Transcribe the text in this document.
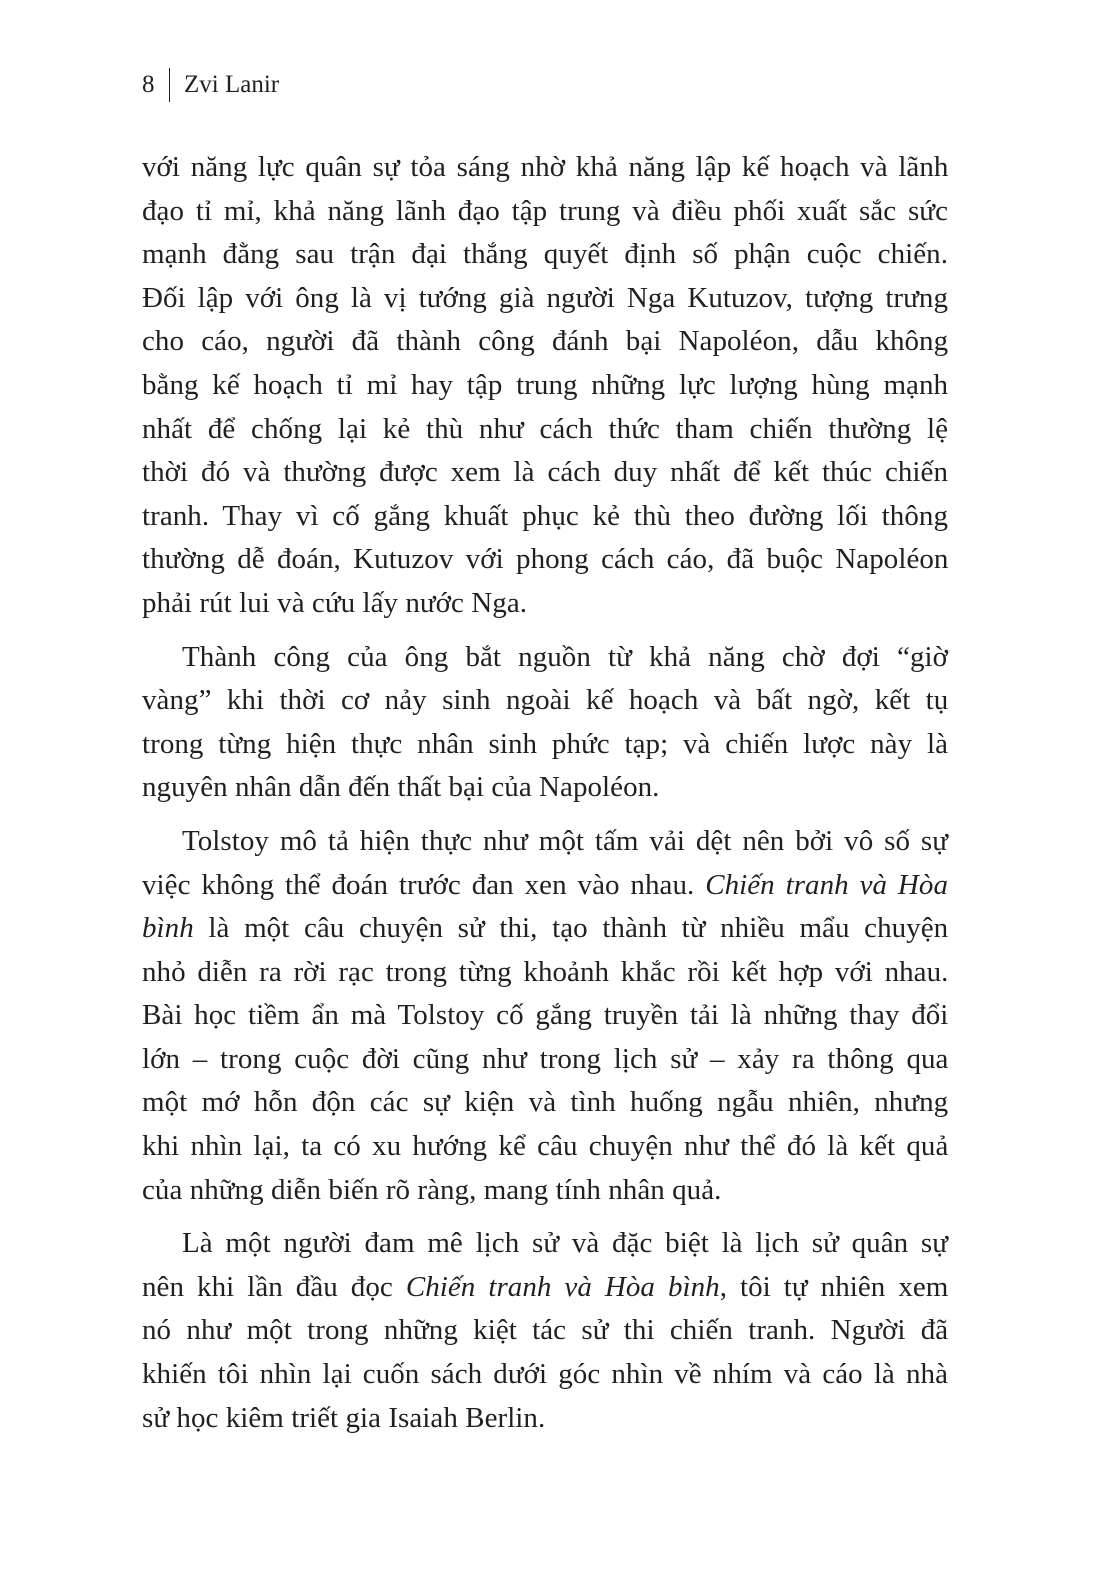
8 Zvi Lanir

với năng lực quân sự tỏa sáng nhờ khả năng lập kế hoạch và lãnh
đạo tỉ mỉ, khả năng lãnh đạo tập trung và điều phối xuất sắc sức
mạnh đằng sau trận đại thắng quyết định số phận cuộc chiến.
Đối lập với ông là vị tướng già người Nga Kutuzov, tượng trưng
cho cáo, người đã thành công đánh bại Napoléon, dẫu không
bằng kế hoạch tỉ mỉ hay tập trung những lực lượng hùng mạnh
nhất để chống lại kẻ thù như cách thức tham chiến thường lệ
thời đó và thường được xem là cách duy nhất để kết thúc chiến
tranh. Thay vì cố gắng khuất phục kẻ thù theo đường lối thông
thường dễ đoán, Kutuzov với phong cách cáo, đã buộc Napoléon
phải rút lui và cứu lấy nước Nga.

Thành công của ông bắt nguồn từ khả năng chờ đợi “giờ
vàng” khi thời cơ nảy sinh ngoài kế hoạch và bất ngờ, kết tụ
trong từng hiện thực nhân sinh phức tạp; và chiến lược này là
nguyên nhân dẫn đến thất bại của Napoléon.

Tolstoy mô tả hiện thực như một tấm vải dệt nên bởi vô số sự
việc không thể đoán trước đan xen vào nhau. Chiến tranh và Hòa
bình là một câu chuyện sử thi, tạo thành từ nhiều mẩu chuyện
nhỏ diễn ra rời rạc trong từng khoảnh khắc rồi kết hợp với nhau.
Bài học tiềm ẩn mà Tolstoy cố gắng truyền tải là những thay đổi
lớn – trong cuộc đời cũng như trong lịch sử – xảy ra thông qua
một mớ hỗn độn các sự kiện và tình huống ngẫu nhiên, nhưng
khi nhìn lại, ta có xu hướng kể câu chuyện như thể đó là kết quả
của những diễn biến rõ ràng, mang tính nhân quả.

Là một người đam mê lịch sử và đặc biệt là lịch sử quân sự
nên khi lần đầu đọc Chiến tranh và Hòa bình, tôi tự nhiên xem
nó như một trong những kiệt tác sử thi chiến tranh. Người đã
khiến tôi nhìn lại cuốn sách dưới góc nhìn về nhím và cáo là nhà
sử học kiêm triết gia Isaiah Berlin.
